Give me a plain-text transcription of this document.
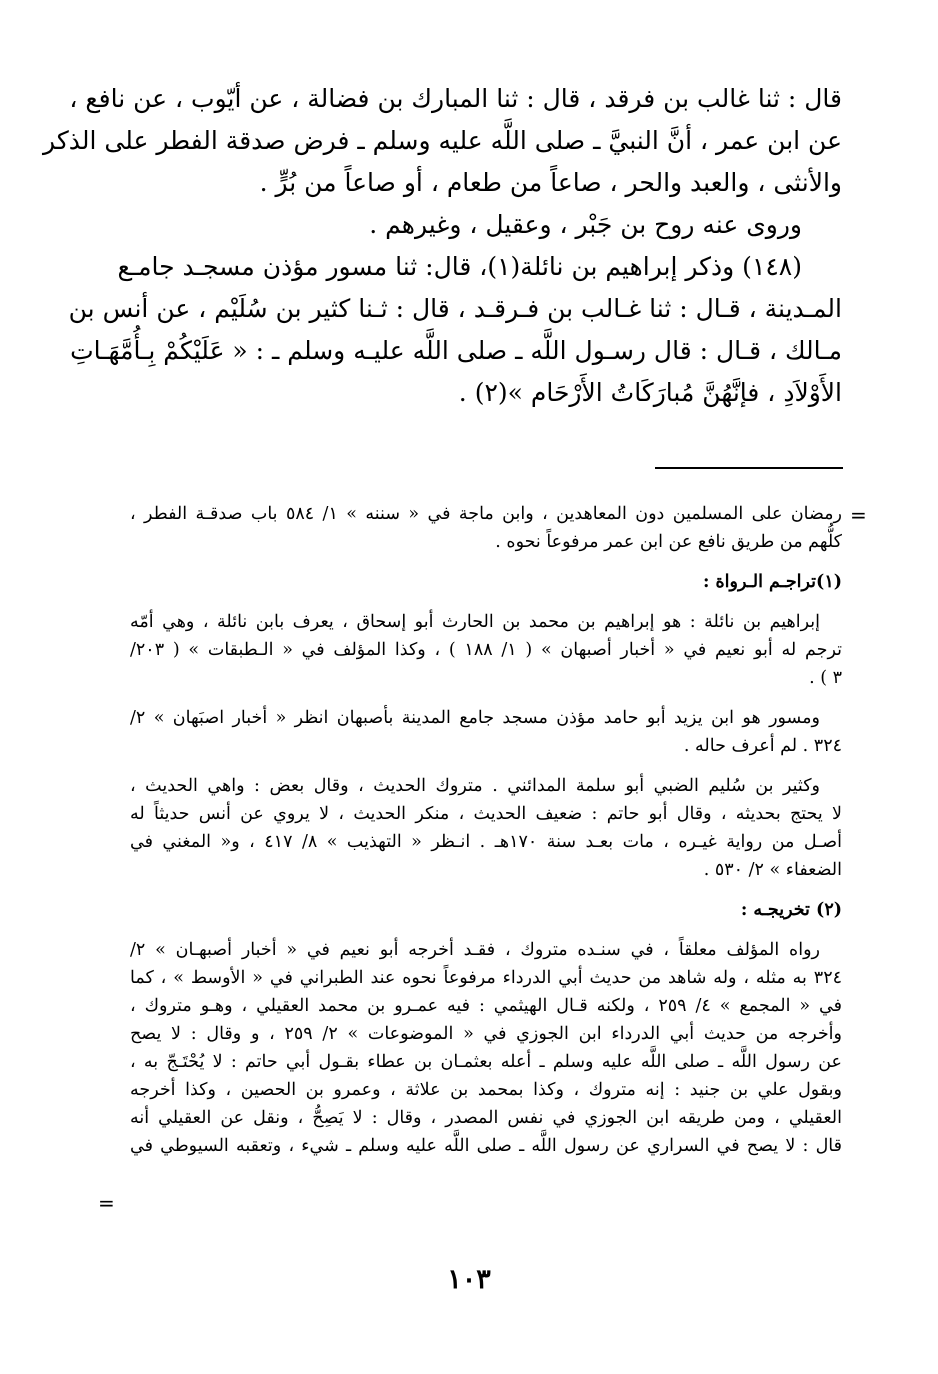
قال : ثنا غالب بن فرقد ، قال : ثنا المبارك بن فضالة ، عن أيّوب ، عن نافع ،
عن ابن عمر ، أنَّ النبيَّ ـ صلى اللَّه عليه وسلم ـ فرض صدقة الفطر على الذكر
والأنثى ، والعبد والحر ، صاعاً من طعام ، أو صاعاً من بُرٍّ .
وروى عنه روح بن جَبْر ، وعقيل ، وغيرهم .
(١٤٨) وذكر إبراهيم بن نائلة(١)، قال: ثنا مسور مؤذن مسجـد جامـع
المـدينة ، قـال : ثنا غـالب بن فـرقـد ، قال : ثـنا كثير بن سُلَيْم ، عن أنس بن
مـالك ، قـال : قال رسـول اللَّه ـ صلى اللَّه عليـه وسلم ـ : « عَلَيْكُمْ بِـأُمَّهَـاتِ
الأَوْلاَدِ ، فإنَّهُنَّ مُبارَكَاتُ الأَرْحَام »(٢) .
=
رمضان على المسلمين دون المعاهدين ، وابن ماجة في « سننه » ١/ ٥٨٤ باب صدقـة الفطر ،
كلُّهم من طريق نافع عن ابن عمر مرفوعاً نحوه .
(١)تراجـم الـرواة :
إبراهيم بن نائلة : هو إبراهيم بن محمد بن الحارث أبو إسحاق ، يعرف بابن نائلة ، وهي أمّه
ترجم له أبو نعيم في « أخبار أصبهان » ( ١/ ١٨٨ ) ، وكذا المؤلف في « الـطبقات » ( ٢٠٣/
٣ ) .
ومسور هو ابن يزيد أبو حامد مؤذن مسجد جامع المدينة بأصبهان انظر « أخبار اصبَهان » ٢/
٣٢٤ . لم أعرف حاله .
وكثير بن سُليم الضبي أبو سلمة المدائني . متروك الحديث ، وقال بعض : واهي الحديث ،
لا يحتج بحديثه ، وقال أبو حاتم : ضعيف الحديث ، منكر الحديث ، لا يروي عن أنس حديثاً له
أصـل من رواية غيـره ، مات بعـد سنة ١٧٠هـ . انـظر « التهذيب » ٨/ ٤١٧ ، و« المغني في
الضعفاء » ٢/ ٥٣٠ .
(٢) تخريجـه :
رواه المؤلف معلقاً ، في سنـده متروك ، فقـد أخرجه أبو نعيم في « أخبار أصبهـان » ٢/
٣٢٤ به مثله ، وله شاهد من حديث أبي الدرداء مرفوعاً نحوه عند الطبراني في « الأوسط » ، كما
في « المجمع » ٤/ ٢٥٩ ، ولكنه قـال الهيثمي : فيه عمـرو بن محمد العقيلي ، وهـو متروك ،
وأخرجه من حديث أبي الدرداء ابن الجوزي في « الموضوعات » ٢/ ٢٥٩ ، و وقال : لا يصح
عن رسول اللَّه ـ صلى اللَّه عليه وسلم ـ أعله بعثمـان بن عطاء بقـول أبي حاتم : لا يُحْتَـجّ به ،
وبقول علي بن جنيد : إنه متروك ، وكذا بمحمد بن علاثة ، وعمرو بن الحصين ، وكذا أخرجه
العقيلي ، ومن طريقه ابن الجوزي في نفس المصدر ، وقال : لا يَصِحُّ ، ونقل عن العقيلي أنه
قال : لا يصح في السراري عن رسول اللَّه ـ صلى اللَّه عليه وسلم ـ شيء ، وتعقبه السيوطي في
=
١٠٣
